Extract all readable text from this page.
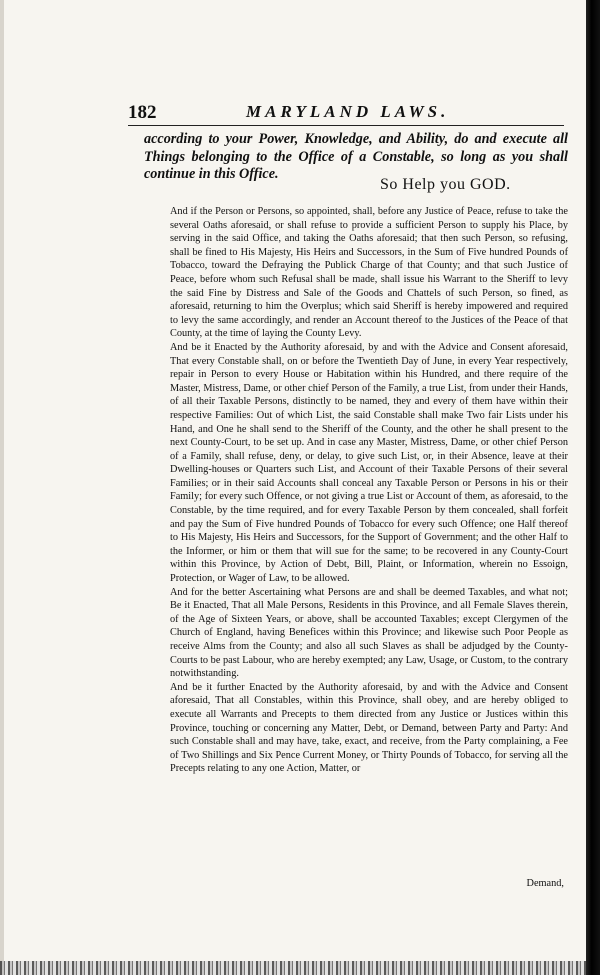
182	MARYLAND LAWS.
according to your Power, Knowledge, and Ability, do and execute all Things belonging to the Office of a Constable, so long as you shall continue in this Office.
So Help you GOD.

And if the Person or Persons, so appointed, shall, before any Justice of Peace, refuse to take the several Oaths aforesaid, or shall refuse to provide a sufficient Person to supply his Place, by serving in the said Office, and taking the Oaths aforesaid; that then such Person, so refusing, shall be fined to His Majesty, His Heirs and Successors, in the Sum of Five hundred Pounds of Tobacco, toward the Defraying the Publick Charge of that County; and that such Justice of Peace, before whom such Refusal shall be made, shall issue his Warrant to the Sheriff to levy the said Fine by Distress and Sale of the Goods and Chattels of such Person, so fined, as aforesaid, returning to him the Overplus; which said Sheriff is hereby impowered and required to levy the same accordingly, and render an Account thereof to the Justices of the Peace of that County, at the time of laying the County Levy.

And be it Enacted by the Authority aforesaid, by and with the Advice and Consent aforesaid, That every Constable shall, on or before the Twentieth Day of June, in every Year respectively, repair in Person to every House or Habitation within his Hundred, and there require of the Master, Mistress, Dame, or other chief Person of the Family, a true List, from under their Hands, of all their Taxable Persons, distinctly to be named, they and every of them have within their respective Families: Out of which List, the said Constable shall make Two fair Lists under his Hand, and One he shall send to the Sheriff of the County, and the other he shall present to the next County-Court, to be set up. And in case any Master, Mistress, Dame, or other chief Person of a Family, shall refuse, deny, or delay, to give such List, or, in their Absence, leave at their Dwelling-houses or Quarters such List, and Account of their Taxable Persons of their several Families; or in their said Accounts shall conceal any Taxable Person or Persons in his or their Family; for every such Offence, or not giving a true List or Account of them, as aforesaid, to the Constable, by the time required, and for every Taxable Person by them concealed, shall forfeit and pay the Sum of Five hundred Pounds of Tobacco for every such Offence; one Half thereof to His Majesty, His Heirs and Successors, for the Support of Government; and the other Half to the Informer, or him or them that will sue for the same; to be recovered in any County-Court within this Province, by Action of Debt, Bill, Plaint, or Information, wherein no Essoign, Protection, or Wager of Law, to be allowed.

And for the better Ascertaining what Persons are and shall be deemed Taxables, and what not; Be it Enacted, That all Male Persons, Residents in this Province, and all Female Slaves therein, of the Age of Sixteen Years, or above, shall be accounted Taxables; except Clergymen of the Church of England, having Benefices within this Province; and likewise such Poor People as receive Alms from the County; and also all such Slaves as shall be adjudged by the County-Courts to be past Labour, who are hereby exempted; any Law, Usage, or Custom, to the contrary notwithstanding.

And be it further Enacted by the Authority aforesaid, by and with the Advice and Consent aforesaid, That all Constables, within this Province, shall obey, and are hereby obliged to execute all Warrants and Precepts to them directed from any Justice or Justices within this Province, touching or concerning any Matter, Debt, or Demand, between Party and Party: And such Constable shall and may have, take, exact, and receive, from the Party complaining, a Fee of Two Shillings and Six Pence Current Money, or Thirty Pounds of Tobacco, for serving all the Precepts relating to any one Action, Matter, or

Demand,
